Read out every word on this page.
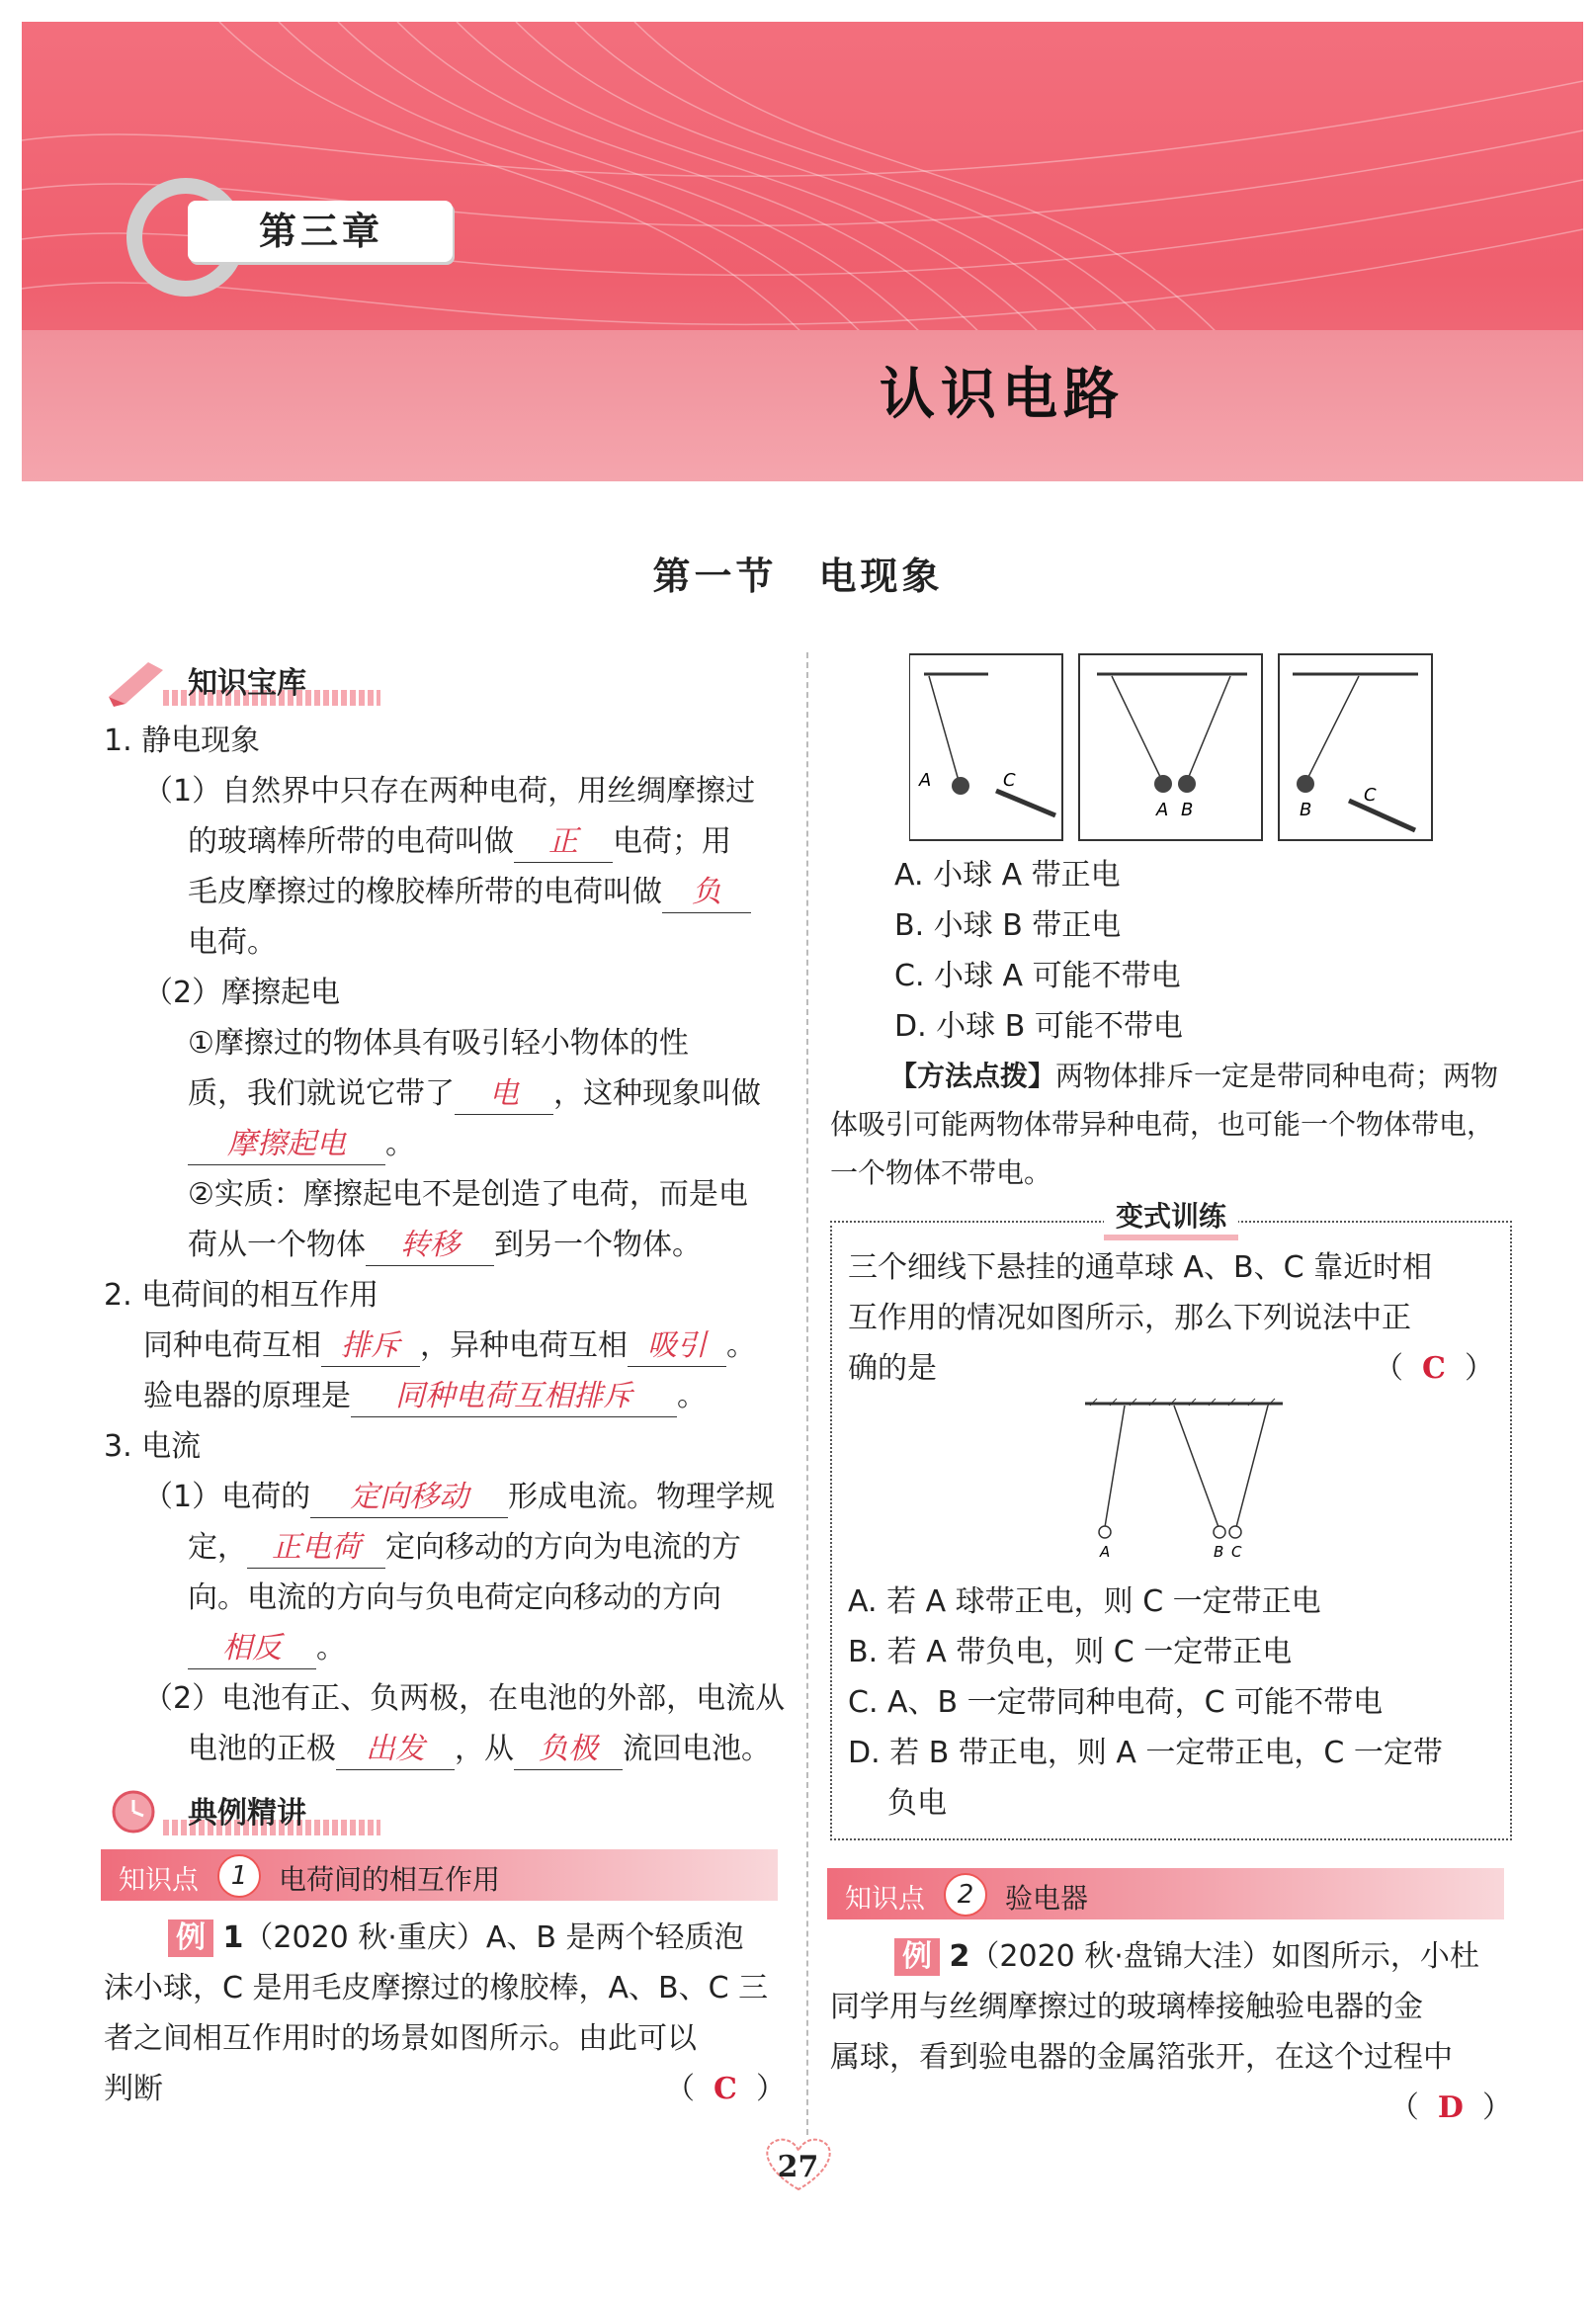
第三章
认识电路
第一节　电现象
知识宝库

1. 静电现象

（1）自然界中只存在两种电荷，用丝绸摩擦过

的玻璃棒所带的电荷叫做 正 电荷；用

毛皮摩擦过的橡胶棒所带的电荷叫做 负

电荷。

（2）摩擦起电

①摩擦过的物体具有吸引轻小物体的性

质，我们就说它带了 电 ，这种现象叫做

摩擦起电 。

②实质：摩擦起电不是创造了电荷，而是电

荷从一个物体 转移 到另一个物体。

2. 电荷间的相互作用

同种电荷互相 排斥 ，异种电荷互相 吸引 。

验电器的原理是 同种电荷互相排斥 。

3. 电流

（1）电荷的 定向移动 形成电流。物理学规

定， 正电荷 定向移动的方向为电流的方

向。电流的方向与负电荷定向移动的方向

相反 。

（2）电池有正、负两极，在电池的外部，电流从

电池的正极 出发 ，从 负极 流回电池。

典例精讲
知识点	1	电荷间的相互作用

例 1（2020 秋·重庆）A、B 是两个轻质泡

沫小球，C 是用毛皮摩擦过的橡胶棒，A、B、C 三

者之间相互作用时的场景如图所示。由此可以

判断	（  C  ）

A	C
A B	B
C

A. 小球 A 带正电

B. 小球 B 带正电

C. 小球 A 可能不带电

D. 小球 B 可能不带电

【方法点拨】两物体排斥一定是带同种电荷；两物体吸引可能两物体带异种电荷，也可能一个物体带电，一个物体不带电。

变式训练

三个细线下悬挂的通草球 A、B、C 靠近时相

互作用的情况如图所示，那么下列说法中正

确的是	（  C  ）

A	B C

A. 若 A 球带正电，则 C 一定带正电

B. 若 A 带负电，则 C 一定带正电

C. A、B 一定带同种电荷，C 可能不带电

D. 若 B 带正电，则 A 一定带正电，C 一定带

负电

知识点	2	验电器

例 2（2020 秋·盘锦大洼）如图所示，小杜

同学用与丝绸摩擦过的玻璃棒接触验电器的金

属球，看到验电器的金属箔张开，在这个过程中

（  D  ）

27
